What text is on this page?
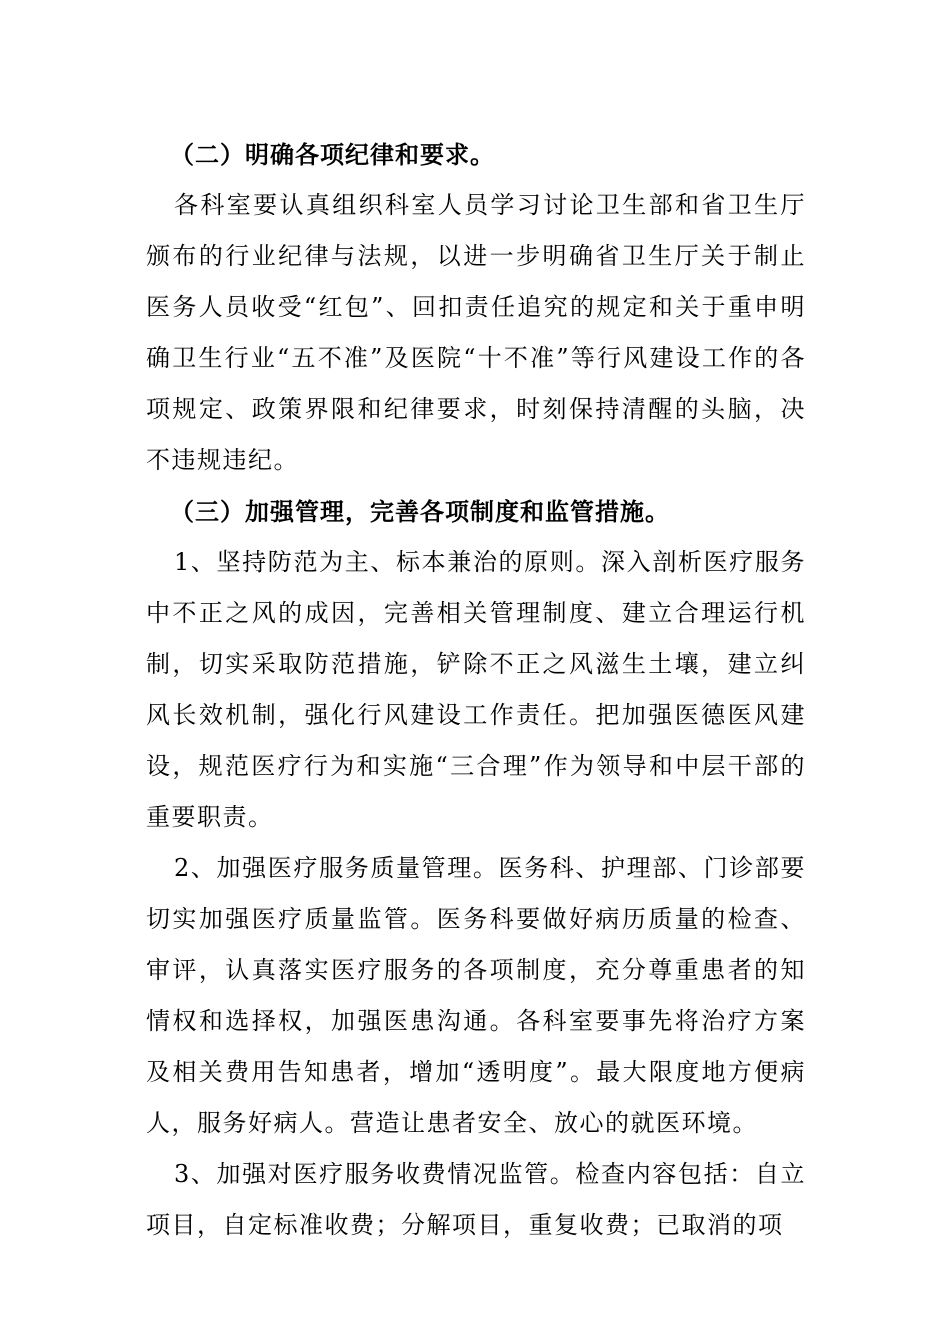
（二）明确各项纪律和要求。

各科室要认真组织科室人员学习讨论卫生部和省卫生厅颁布的行业纪律与法规，以进一步明确省卫生厅关于制止医务人员收受“红包”、回扣责任追究的规定和关于重申明确卫生行业“五不准”及医院“十不准”等行风建设工作的各项规定、政策界限和纪律要求，时刻保持清醒的头脑，决不违规违纪。

（三）加强管理，完善各项制度和监管措施。

1、坚持防范为主、标本兼治的原则。深入剖析医疗服务中不正之风的成因，完善相关管理制度、建立合理运行机制，切实采取防范措施，铲除不正之风滋生土壤，建立纠风长效机制，强化行风建设工作责任。把加强医德医风建设，规范医疗行为和实施“三合理”作为领导和中层干部的重要职责。

2、加强医疗服务质量管理。医务科、护理部、门诊部要切实加强医疗质量监管。医务科要做好病历质量的检查、审评，认真落实医疗服务的各项制度，充分尊重患者的知情权和选择权，加强医患沟通。各科室要事先将治疗方案及相关费用告知患者，增加“透明度”。最大限度地方便病人，服务好病人。营造让患者安全、放心的就医环境。

3、加强对医疗服务收费情况监管。检查内容包括：自立项目，自定标准收费；分解项目，重复收费；已取消的项
